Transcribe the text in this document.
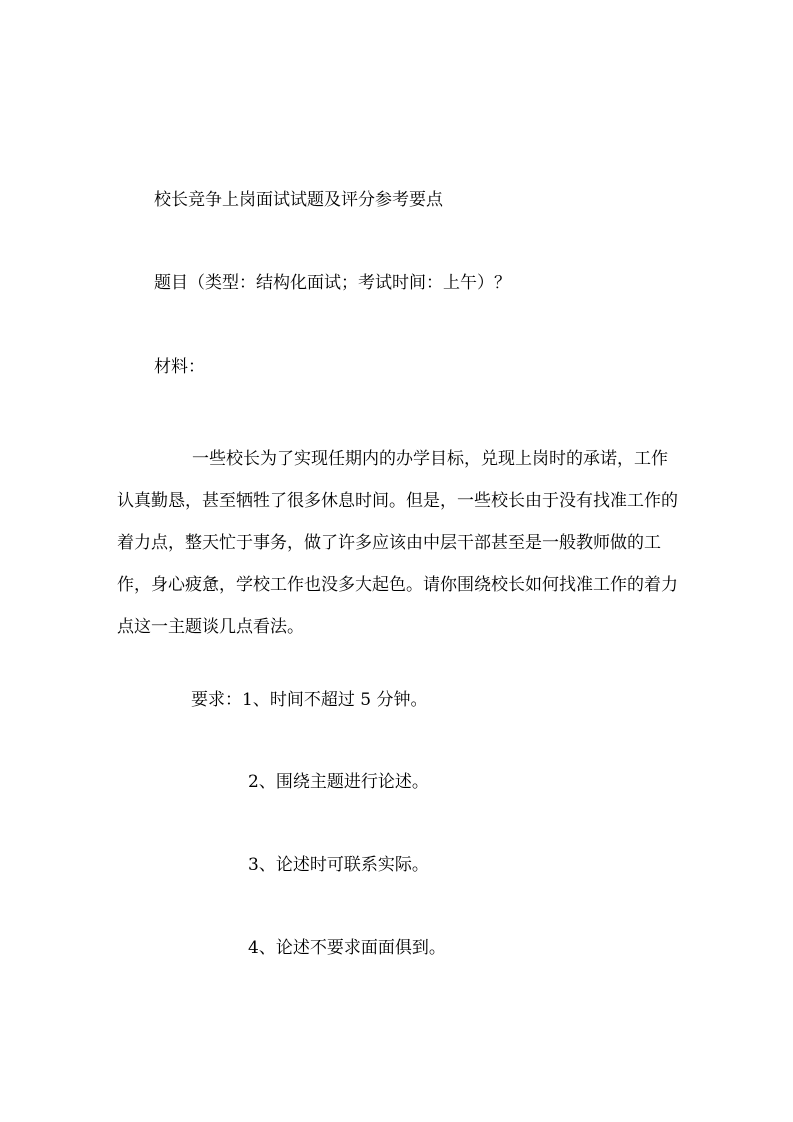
校长竞争上岗面试试题及评分参考要点
题目（类型：结构化面试；考试时间：上午）？
材料：

一些校长为了实现任期内的办学目标，兑现上岗时的承诺，工作认真勤恳，甚至牺牲了很多休息时间。但是，一些校长由于没有找准工作的着力点，整天忙于事务，做了许多应该由中层干部甚至是一般教师做的工作，身心疲惫，学校工作也没多大起色。请你围绕校长如何找准工作的着力点这一主题谈几点看法。

要求：1、时间不超过 5 分钟。
2、围绕主题进行论述。
3、论述时可联系实际。
4、论述不要求面面俱到。
